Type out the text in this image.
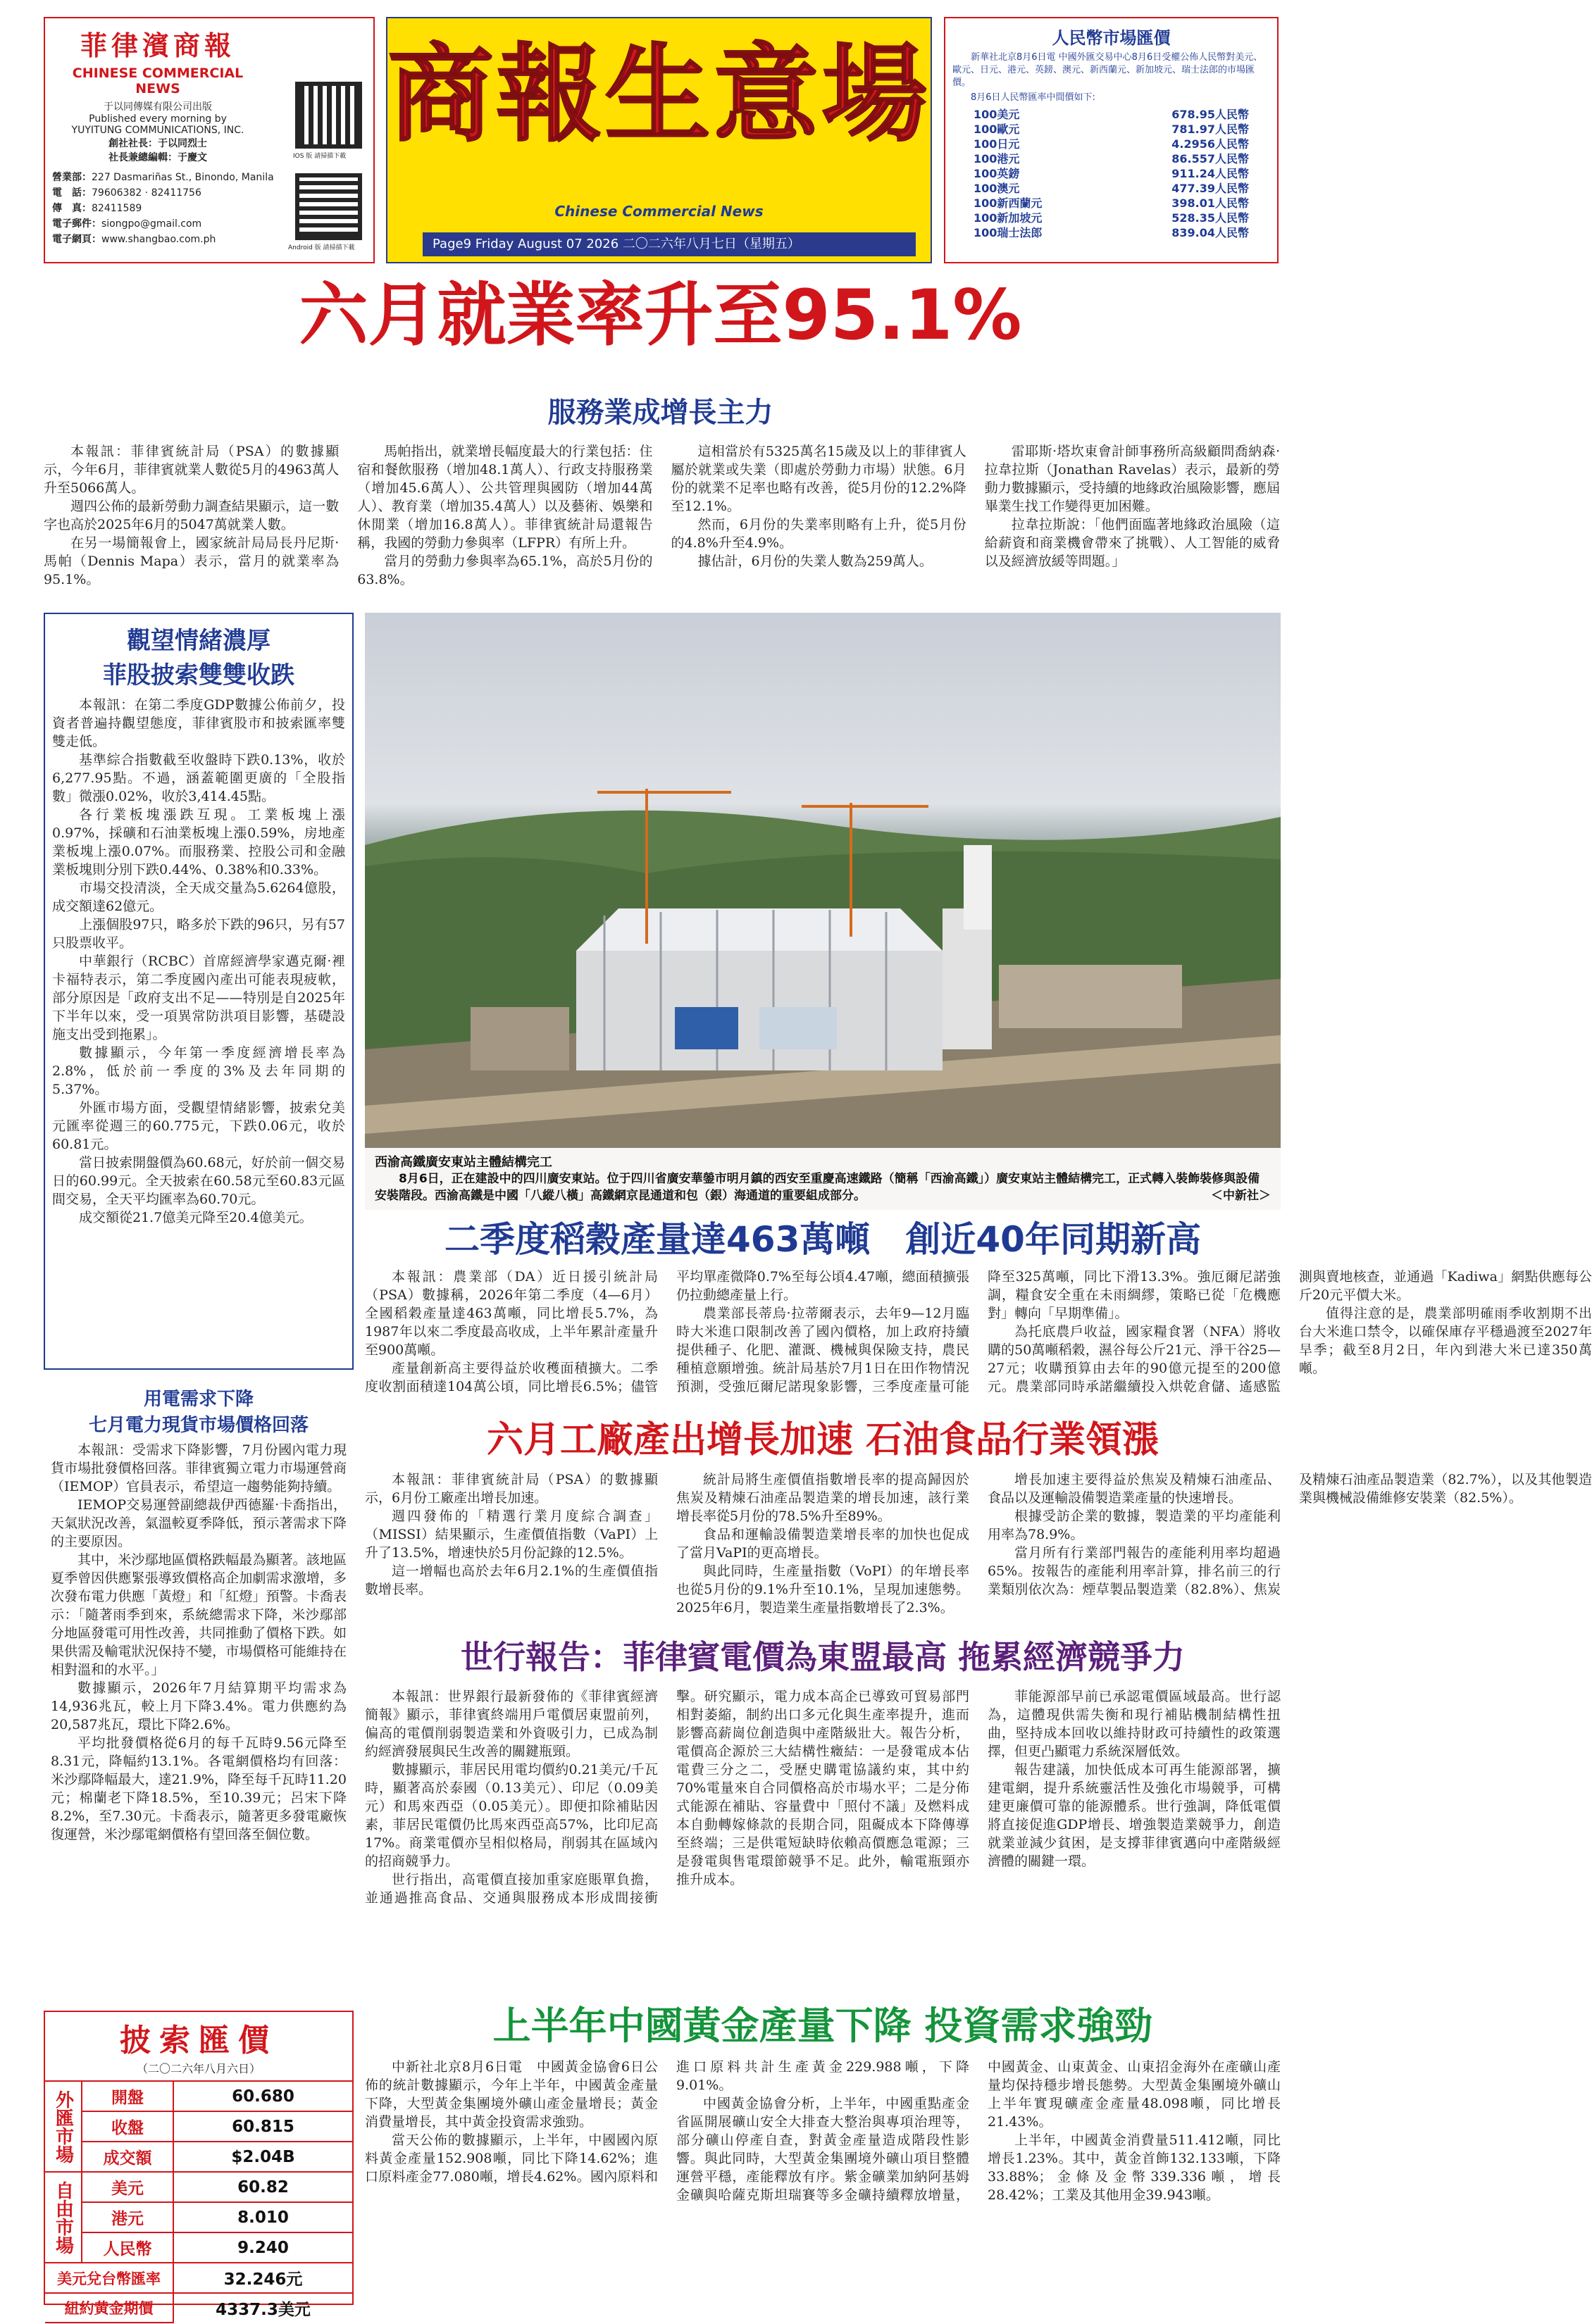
菲律濱商報
CHINESE COMMERCIAL NEWS
于以同傳媒有限公司出版
Published every morning by
YUYITUNG COMMUNICATIONS, INC.
創社社長：于以同烈士
社長兼總編輯：于慶文
營業部：227 Dasmariñas St., Binondo, Manila
電　話：79606382 · 82411756
傳　真：82411589
電子郵件：siongpo@gmail.com
電子網頁：www.shangbao.com.ph
IOS 版 請掃描下載
Android 版 請掃描下載
商報生意場
Chinese Commercial News
Page9 Friday August 07 2026 二〇二六年八月七日（星期五）
人民幣市場匯價
新華社北京8月6日電 中國外匯交易中心8月6日受權公佈人民幣對美元、歐元、日元、港元、英鎊、澳元、新西蘭元、新加坡元、瑞士法郎的市場匯價。
8月6日人民幣匯率中間價如下:
100美元	678.95人民幣
100歐元	781.97人民幣
100日元	4.2956人民幣
100港元	86.557人民幣
100英鎊	911.24人民幣
100澳元	477.39人民幣
100新西蘭元	398.01人民幣
100新加坡元	528.35人民幣
100瑞士法郎	839.04人民幣
六月就業率升至95.1%
服務業成增長主力

本報訊：菲律賓統計局（PSA）的數據顯示，今年6月，菲律賓就業人數從5月的4963萬人升至5066萬人。

週四公佈的最新勞動力調查結果顯示，這一數字也高於2025年6月的5047萬就業人數。

在另一場簡報會上，國家統計局局長丹尼斯·馬帕（Dennis Mapa）表示，當月的就業率為95.1%。

馬帕指出，就業增長幅度最大的行業包括：住宿和餐飲服務（增加48.1萬人）、行政支持服務業（增加45.6萬人）、公共管理與國防（增加44萬人）、教育業（增加35.4萬人）以及藝術、娛樂和休閒業（增加16.8萬人）。菲律賓統計局還報告稱，我國的勞動力參與率（LFPR）有所上升。

當月的勞動力參與率為65.1%，高於5月份的63.8%。

這相當於有5325萬名15歲及以上的菲律賓人屬於就業或失業（即處於勞動力市場）狀態。6月份的就業不足率也略有改善，從5月份的12.2%降至12.1%。

然而，6月份的失業率則略有上升，從5月份的4.8%升至4.9%。

據估計，6月份的失業人數為259萬人。

雷耶斯·塔坎東會計師事務所高級顧問喬納森·拉韋拉斯（Jonathan Ravelas）表示，最新的勞動力數據顯示，受持續的地緣政治風險影響，應屆畢業生找工作變得更加困難。

拉韋拉斯說：「他們面臨著地緣政治風險（這給薪資和商業機會帶來了挑戰）、人工智能的威脅以及經濟放緩等問題。」

觀望情緒濃厚
菲股披索雙雙收跌

本報訊：在第二季度GDP數據公佈前夕，投資者普遍持觀望態度，菲律賓股市和披索匯率雙雙走低。

基準綜合指數截至收盤時下跌0.13%，收於6,277.95點。不過，涵蓋範圍更廣的「全股指數」微漲0.02%，收於3,414.45點。

各行業板塊漲跌互現。工業板塊上漲0.97%，採礦和石油業板塊上漲0.59%，房地產業板塊上漲0.07%。而服務業、控股公司和金融業板塊則分別下跌0.44%、0.38%和0.33%。

市場交投清淡，全天成交量為5.6264億股，成交額達62億元。

上漲個股97只，略多於下跌的96只，另有57只股票收平。

中華銀行（RCBC）首席經濟學家邁克爾·裡卡福特表示，第二季度國內產出可能表現疲軟，部分原因是「政府支出不足——特別是自2025年下半年以來，受一項異常防洪項目影響，基礎設施支出受到拖累」。

數據顯示，今年第一季度經濟增長率為2.8%，低於前一季度的3%及去年同期的5.37%。

外匯市場方面，受觀望情緒影響，披索兌美元匯率從週三的60.775元，下跌0.06元，收於60.81元。

當日披索開盤價為60.68元，好於前一個交易日的60.99元。全天披索在60.58元至60.83元區間交易，全天平均匯率為60.70元。

成交額從21.7億美元降至20.4億美元。

用電需求下降
七月電力現貨市場價格回落

本報訊：受需求下降影響，7月份國內電力現貨市場批發價格回落。菲律賓獨立電力市場運營商（IEMOP）官員表示，希望這一趨勢能夠持續。

IEMOP交易運營副總裁伊西德羅·卡喬指出，天氣狀況改善，氣溫較夏季降低，預示著需求下降的主要原因。

其中，米沙鄢地區價格跌幅最為顯著。該地區夏季曾因供應緊張導致價格高企加劇需求激增，多次發布電力供應「黃燈」和「紅燈」預警。卡喬表示：「隨著雨季到來，系統總需求下降，米沙鄢部分地區發電可用性改善，共同推動了價格下跌。如果供需及輸電狀況保持不變，市場價格可能維持在相對溫和的水平。」

數據顯示，2026年7月結算期平均需求為14,936兆瓦，較上月下降3.4%。電力供應約為20,587兆瓦，環比下降2.6%。

平均批發價格從6月的每千瓦時9.56元降至8.31元，降幅約13.1%。各電網價格均有回落：米沙鄢降幅最大，達21.9%，降至每千瓦時11.20元；棉蘭老下降18.5%，至10.39元；呂宋下降8.2%，至7.30元。卡喬表示，隨著更多發電廠恢復運營，米沙鄢電網價格有望回落至個位數。

披索匯價
（二〇二六年八月六日）
外匯市場	開盤	60.680
	收盤	60.815
	成交額	$2.04B
自由市場	美元	60.82
	港元	8.010
	人民幣	9.240
美元兌台幣匯率		32.246元
紐約黃金期價		4337.3美元
西渝高鐵廣安東站主體結構完工
8月6日，正在建設中的四川廣安東站。位于四川省廣安華鎣市明月鎮的西安至重慶高速鐵路（簡稱「西渝高鐵」）廣安東站主體結構完工，正式轉入裝飾裝修與設備安裝階段。西渝高鐵是中國「八縱八橫」高鐵網京昆通道和包（銀）海通道的重要組成部分。	＜中新社＞
二季度稻穀產量達463萬噸　創近40年同期新高

本報訊：農業部（DA）近日援引統計局（PSA）數據稱，2026年第二季度（4—6月）全國稻穀產量達463萬噸，同比增長5.7%，為1987年以來二季度最高收成，上半年累計產量升至900萬噸。

產量創新高主要得益於收穫面積擴大。二季度收割面積達104萬公頃，同比增長6.5%；儘管平均單產微降0.7%至每公頃4.47噸，總面積擴張仍拉動總產量上行。

農業部長蒂烏·拉蒂爾表示，去年9—12月臨時大米進口限制改善了國內價格，加上政府持續提供種子、化肥、灌溉、機械與保險支持，農民種植意願增強。統計局基於7月1日在田作物情況預測，受強厄爾尼諾現象影響，三季度產量可能降至325萬噸，同比下滑13.3%。強厄爾尼諾強調，糧食安全重在未雨綢繆，策略已從「危機應對」轉向「早期準備」。

為托底農戶收益，國家糧食署（NFA）將收購的50萬噸稻穀，濕谷每公斤21元、淨干谷25—27元；收購預算由去年的90億元提至的200億元。農業部同時承諾繼續投入烘乾倉儲、遙感監測與賣地核查，並通過「Kadiwa」網點供應每公斤20元平價大米。

值得注意的是，農業部明確雨季收割期不出台大米進口禁令，以確保庫存平穩過渡至2027年旱季；截至8月2日，年內到港大米已達350萬噸。

六月工廠產出增長加速 石油食品行業領漲

本報訊：菲律賓統計局（PSA）的數據顯示，6月份工廠產出增長加速。

週四發佈的「精選行業月度綜合調查」（MISSI）結果顯示，生產價值指數（VaPI）上升了13.5%，增速快於5月份記錄的12.5%。

這一增幅也高於去年6月2.1%的生產價值指數增長率。

統計局將生產價值指數增長率的提高歸因於焦炭及精煉石油產品製造業的增長加速，該行業增長率從5月份的78.5%升至89%。

食品和運輸設備製造業增長率的加快也促成了當月VaPI的更高增長。

與此同時，生產量指數（VoPI）的年增長率也從5月份的9.1%升至10.1%，呈現加速態勢。2025年6月，製造業生產量指數增長了2.3%。

增長加速主要得益於焦炭及精煉石油產品、食品以及運輸設備製造業產量的快速增長。

根據受訪企業的數據，製造業的平均產能利用率為78.9%。

當月所有行業部門報告的產能利用率均超過65%。按報告的產能利用率計算，排名前三的行業類別依次為：煙草製品製造業（82.8%）、焦炭及精煉石油產品製造業（82.7%），以及其他製造業與機械設備維修安裝業（82.5%）。

世行報告：菲律賓電價為東盟最高 拖累經濟競爭力

本報訊：世界銀行最新發佈的《菲律賓經濟簡報》顯示，菲律賓終端用戶電價居東盟前列，偏高的電價削弱製造業和外資吸引力，已成為制約經濟發展與民生改善的關鍵瓶頸。

數據顯示，菲居民用電均價約0.21美元/千瓦時，顯著高於泰國（0.13美元）、印尼（0.09美元）和馬來西亞（0.05美元）。即便扣除補貼因素，菲居民電價仍比馬來西亞高57%，比印尼高17%。商業電價亦呈相似格局，削弱其在區域內的招商競爭力。

世行指出，高電價直接加重家庭賬單負擔，並通過推高食品、交通與服務成本形成間接衝擊。研究顯示，電力成本高企已導致可貿易部門相對萎縮，制約出口多元化與生產率提升，進而影響高薪崗位創造與中產階級壯大。報告分析，電價高企源於三大結構性癥結：一是發電成本佔電費三分之二，受歷史購電協議約束，其中約70%電量來自合同價格高於市場水平；二是分佈式能源在補貼、容量費中「照付不議」及燃料成本自動轉嫁條款的長期合同，阻礙成本下降傳導至終端；三是供電短缺時依賴高價應急電源；三是發電與售電環節競爭不足。此外，輸電瓶頸亦推升成本。

菲能源部早前已承認電價區域最高。世行認為，這體現供需失衡和現行補貼機制結構性扭曲，堅持成本回收以維持財政可持續性的政策選擇，但更凸顯電力系統深層低效。

報告建議，加快低成本可再生能源部署，擴建電網，提升系統靈活性及強化市場競爭，可構建更廉價可靠的能源體系。世行強調，降低電價將直接促進GDP增長、增強製造業競爭力，創造就業並減少貧困，是支撐菲律賓邁向中產階級經濟體的關鍵一環。

上半年中國黃金產量下降 投資需求強勁

中新社北京8月6日電　中國黃金協會6日公佈的統計數據顯示，今年上半年，中國黃金產量下降，大型黃金集團境外礦山產金量增長；黃金消費量增長，其中黃金投資需求強勁。

當天公佈的數據顯示，上半年，中國國內原料黃金產量152.908噸，同比下降14.62%；進口原料產金77.080噸，增長4.62%。國內原料和進口原料共計生產黃金229.988噸，下降9.01%。

中國黃金協會分析，上半年，中國重點產金省區開展礦山安全大排查大整治與專項治理等，部分礦山停產自查，對黃金產量造成階段性影響。與此同時，大型黃金集團境外礦山項目整體運營平穩，產能釋放有序。紫金礦業加納阿基姆金礦與哈薩克斯坦瑞賽等多金礦持續釋放增量，中國黃金、山東黃金、山東招金海外在產礦山產量均保持穩步增長態勢。大型黃金集團境外礦山上半年實現礦產金產量48.098噸，同比增長21.43%。

上半年，中國黃金消費量511.412噸，同比增長1.23%。其中，黃金首飾132.133噸，下降33.88%；金條及金幣339.336噸，增長28.42%；工業及其他用金39.943噸。
